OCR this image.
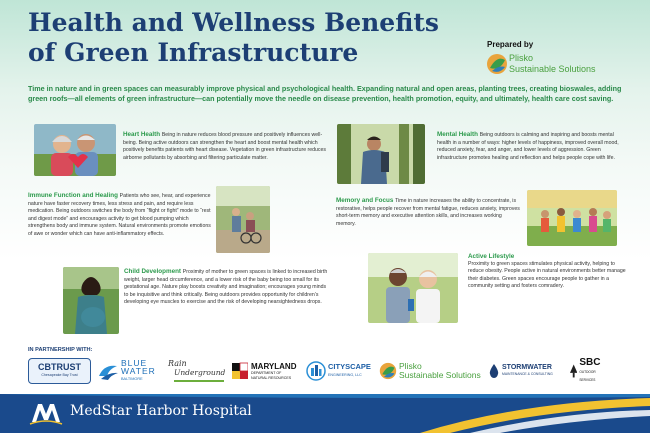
Health and Wellness Benefits
of Green Infrastructure	Prepared by
Plisko
Sustainable Solutions
Time in nature and in green spaces can measurably improve physical and psychological health. Expanding natural and open areas, planting trees, creating bioswales, adding green roofs—all elements of green infrastructure—can potentially move the needle on disease prevention, health promotion, equity, and ultimately, health care cost saving.
Heart Health Being in nature reduces blood pressure and positively influences well-being. Being active outdoors can strengthen the heart and boost mental health which positively benefits patients with heart disease. Vegetation in green infrastructure reduces airborne pollutants by absorbing and filtering particulate matter.
Immune Function and Healing Patients who see, hear, and experience nature have faster recovery times, less stress and pain, and require less medication. Being outdoors switches the body from “flight or fight” mode to “rest and digest mode” and encourages activity to get blood pumping which strengthens body and immune system. Natural environments promote emotions of awe or wonder which can have anti-inflammatory effects.
Child Development Proximity of mother to green spaces is linked to increased birth weight, larger head circumference, and a lower risk of the baby being too small for its gestational age. Nature play boosts creativity and imagination; encourages young minds to be inquisitive and think critically. Being outdoors provides opportunity for children’s developing eye muscles to exercise and the risk of developing nearsightedness drops.
Mental Health Being outdoors is calming and inspiring and boosts mental health in a number of ways: higher levels of happiness, improved overall mood, reduced anxiety, fear, and anger, and lower levels of aggression. Green infrastructure promotes healing and reflection and helps people cope with life.
Memory and Focus Time in nature increases the ability to concentrate, is restorative, helps people recover from mental fatigue, reduces anxiety, improves short-term memory and executive attention skills, and increases working memory.
Active Lifestyle
Proximity to green spaces stimulates physical activity, helping to reduce obesity. People active in natural environments better manage their diabetes. Green spaces encourage people to gather in a community setting and fosters comradery.
IN PARTNERSHIP WITH:
CBTRUST
Chesapeake Bay Trust
BLUE
WATER
BALTIMORE
Rain
Underground
MARYLAND
DEPARTMENT OF
NATURAL RESOURCES
CITYSCAPE
ENGINEERING, LLC
Plisko
Sustainable Solutions
STORMWATER
MAINTENANCE & CONSULTING
SBC
OUTDOOR SERVICES
MedStar Harbor Hospital
